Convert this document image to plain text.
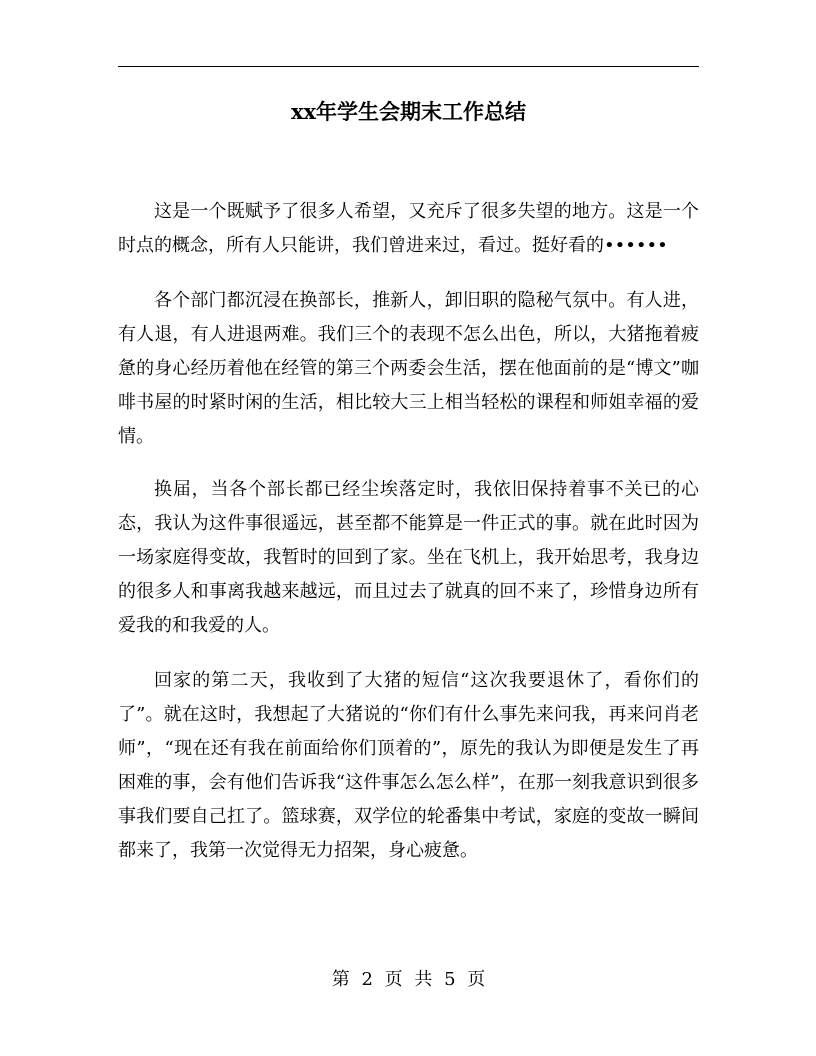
xx年学生会期末工作总结

这是一个既赋予了很多人希望，又充斥了很多失望的地方。这是一个时点的概念，所有人只能讲，我们曾进来过，看过。挺好看的••••••

各个部门都沉浸在换部长，推新人，卸旧职的隐秘气氛中。有人进，有人退，有人进退两难。我们三个的表现不怎么出色，所以，大猪拖着疲惫的身心经历着他在经管的第三个两委会生活，摆在他面前的是“博文”咖啡书屋的时紧时闲的生活，相比较大三上相当轻松的课程和师姐幸福的爱情。

换届，当各个部长都已经尘埃落定时，我依旧保持着事不关已的心态，我认为这件事很遥远，甚至都不能算是一件正式的事。就在此时因为一场家庭得变故，我暂时的回到了家。坐在飞机上，我开始思考，我身边的很多人和事离我越来越远，而且过去了就真的回不来了，珍惜身边所有爱我的和我爱的人。

回家的第二天，我收到了大猪的短信“这次我要退休了，看你们的了”。就在这时，我想起了大猪说的“你们有什么事先来问我，再来问肖老师”，“现在还有我在前面给你们顶着的”，原先的我认为即便是发生了再困难的事，会有他们告诉我“这件事怎么怎么样”，在那一刻我意识到很多事我们要自己扛了。篮球赛，双学位的轮番集中考试，家庭的变故一瞬间都来了，我第一次觉得无力招架，身心疲惫。

第 2 页 共 5 页
